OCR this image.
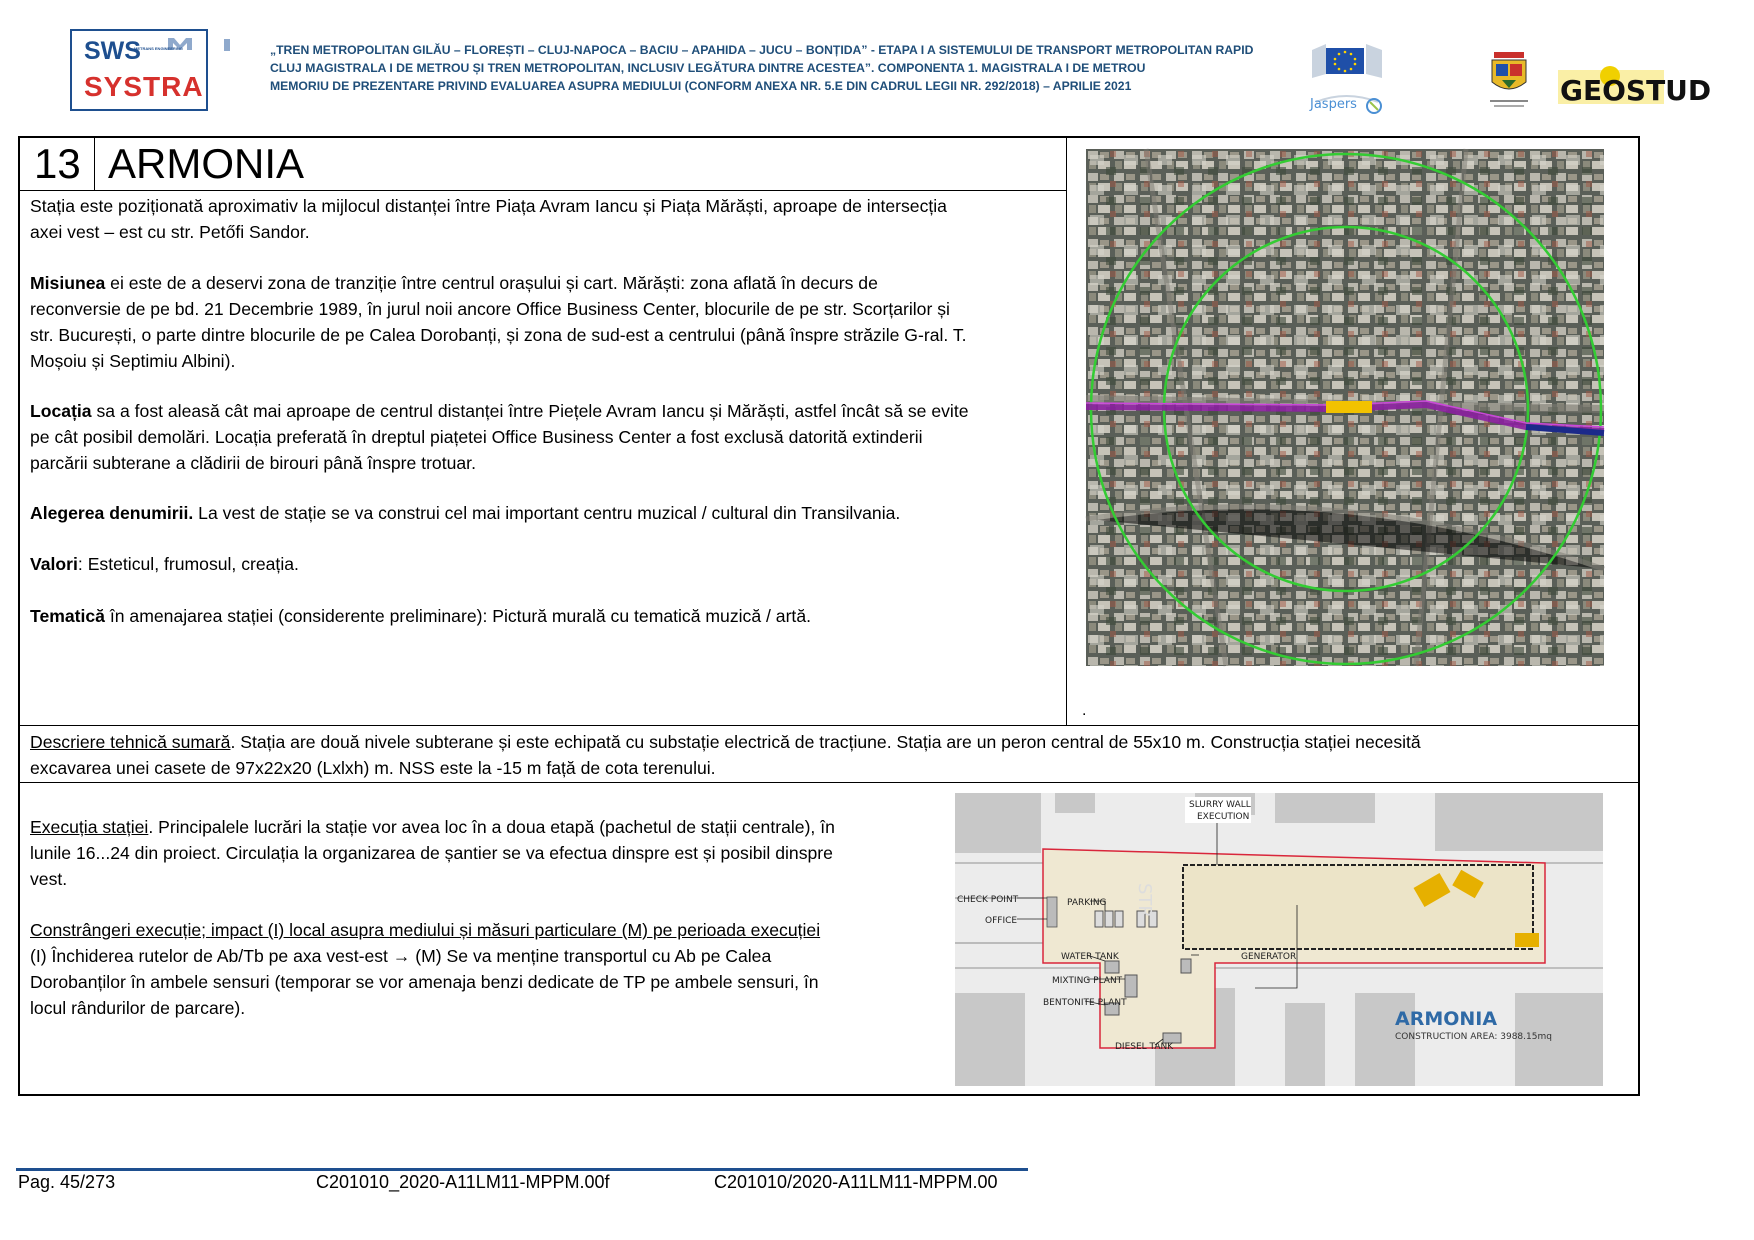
SWS
METRANS ENGINEERING
SYSTRA
„TREN METROPOLITAN GILĂU – FLOREȘTI – CLUJ-NAPOCA – BACIU – APAHIDA – JUCU – BONȚIDA” - ETAPA I A SISTEMULUI DE TRANSPORT METROPOLITAN RAPID
CLUJ MAGISTRALA I DE METROU ȘI TREN METROPOLITAN, INCLUSIV LEGĂTURA DINTRE ACESTEA”. COMPONENTA 1. MAGISTRALA I DE METROU
MEMORIU DE PREZENTARE PRIVIND EVALUAREA ASUPRA MEDIULUI (CONFORM ANEXA NR. 5.E DIN CADRUL LEGII NR. 292/2018) – APRILIE 2021
Jaspers	GEOSTUD
13 ARMONIA
Stația este poziționată aproximativ la mijlocul distanței între Piața Avram Iancu și Piața Mărăști, aproape de intersecția
axei vest – est cu str. Petőfi Sandor.
Misiunea ei este de a deservi zona de tranziție între centrul orașului și cart. Mărăști: zona aflată în decurs de
reconversie de pe bd. 21 Decembrie 1989, în jurul noii ancore Office Business Center, blocurile de pe str. Scorțarilor și
str. București, o parte dintre blocurile de pe Calea Dorobanți, și zona de sud-est a centrului (până înspre străzile G-ral. T.
Moșoiu și Septimiu Albini).
Locația sa a fost aleasă cât mai aproape de centrul distanței între Piețele Avram Iancu și Mărăști, astfel încât să se evite
pe cât posibil demolări. Locația preferată în dreptul piațetei Office Business Center a fost exclusă datorită extinderii
parcării subterane a clădirii de birouri până înspre trotuar.
Alegerea denumirii. La vest de stație se va construi cel mai important centru muzical / cultural din Transilvania.
Valori: Esteticul, frumosul, creația.
Tematică în amenajarea stației (considerente preliminare): Pictură murală cu tematică muzică / artă.
.
Descriere tehnică sumară. Stația are două nivele subterane și este echipată cu substație electrică de tracțiune. Stația are un peron central de 55x10 m. Construcția stației necesită
excavarea unei casete de 97x22x20 (Lxlxh) m. NSS este la -15 m față de cota terenului.
Execuția stației. Principalele lucrări la stație vor avea loc în a doua etapă (pachetul de stații centrale), în
lunile 16...24 din proiect. Circulația la organizarea de șantier se va efectua dinspre est și posibil dinspre
vest.
Constrângeri execuție; impact (I) local asupra mediului și măsuri particulare (M) pe perioada execuției
(I) Închiderea rutelor de Ab/Tb pe axa vest-est → (M) Se va menține transportul cu Ab pe Calea
Dorobanților în ambele sensuri (temporar se vor amenaja benzi dedicate de TP pe ambele sensuri, în
locul rândurilor de parcare).
SLURRY WALL
EXECUTION
CHECK POINT
OFFICE
PARKING
WATER TANK	GENERATOR
MIXTING PLANT
BENTONITE PLANT
DIESEL TANK
STR
ARMONIA
CONSTRUCTION AREA: 3988.15mq
Pag. 45/273	C201010_2020-A11LM11-MPPM.00f	C201010/2020-A11LM11-MPPM.00
